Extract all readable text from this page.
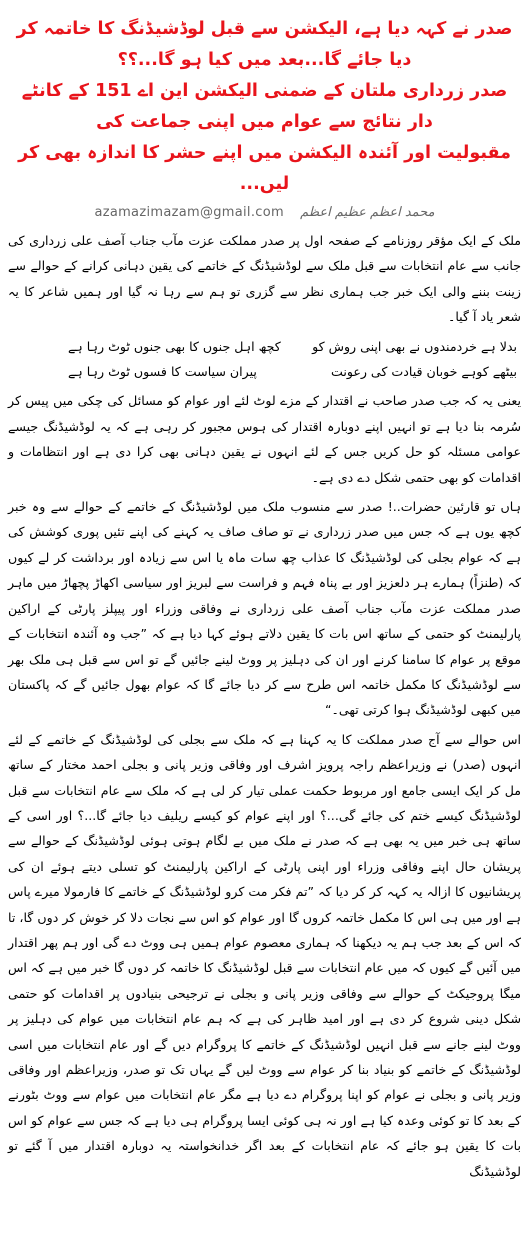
صدر نے کہہ دیا ہے، الیکشن سے قبل لوڈشیڈنگ کا خاتمہ کر دیا جائے گا...بعد میں کیا ہو گا...؟؟
صدر زرداری ملتان کے ضمنی الیکشن این اے 151 کے کانٹے دار نتائج سے عوام میں اپنی جماعت کی
مقبولیت اور آئندہ الیکشن میں اپنے حشر کا اندازہ بھی کر لیں...
azamazimazam@gmail.com محمد اعظم عظیم اعظم

ملک کے ایک مؤقر روزنامے کے صفحہ اول پر صدر مملکت عزت مآب جناب آصف علی زرداری کی جانب سے عام انتخابات سے قبل ملک سے لوڈشیڈنگ کے خاتمے کی یقین دہانی کرانے کے حوالے سے زینت بننے والی ایک خبر جب ہماری نظر سے گزری تو ہم سے رہا نہ گیا اور ہمیں شاعر کا یہ شعر یاد آ گیا۔

بدلا ہے خردمندوں نے بھی اپنی روش کو
کچھ اہل جنوں کا بھی جنوں ٹوٹ رہا ہے
بیٹھے کوہے خوبان قیادت کی رعونت
پیران سیاست کا فسوں ٹوٹ رہا ہے

یعنی یہ کہ جب صدر صاحب نے اقتدار کے مزے لوٹ لئے اور عوام کو مسائل کی چکی میں پیس کر سُرمہ بنا دیا ہے تو انہیں اپنے دوبارہ اقتدار کی ہوس مجبور کر رہی ہے کہ یہ لوڈشیڈنگ جیسے عوامی مسئلہ کو حل کریں جس کے لئے انہوں نے یقین دہانی بھی کرا دی ہے اور انتظامات و اقدامات کو بھی حتمی شکل دے دی ہے۔

ہاں تو قارئین حضرات..! صدر سے منسوب ملک میں لوڈشیڈنگ کے خاتمے کے حوالے سے وہ خبر کچھ یوں ہے کہ جس میں صدر زرداری نے تو صاف صاف یہ کہنے کی اپنے تئیں پوری کوشش کی ہے کہ عوام بجلی کی لوڈشیڈنگ کا عذاب چھ سات ماہ یا اس سے زیادہ اور برداشت کر لے کیوں کہ (طنزاً) ہمارے ہر دلعزیز اور بے پناہ فہم و فراست سے لبریز اور سیاسی اکھاڑ پچھاڑ میں ماہر صدر مملکت عزت مآب جناب آصف علی زرداری نے وفاقی وزراء اور پیپلز پارٹی کے اراکین پارلیمنٹ کو حتمی کے ساتھ اس بات کا یقین دلاتے ہوئے کہا دیا ہے کہ ”جب وہ آئندہ انتخابات کے موقع پر عوام کا سامنا کرنے اور ان کی دہلیز پر ووٹ لینے جائیں گے تو اس سے قبل ہی ملک بھر سے لوڈشیڈنگ کا مکمل خاتمہ اس طرح سے کر دیا جائے گا کہ عوام بھول جائیں گے کہ پاکستان میں کبھی لوڈشیڈنگ ہوا کرتی تھی۔“

اس حوالے سے آج صدر مملکت کا یہ کہنا ہے کہ ملک سے بجلی کی لوڈشیڈنگ کے خاتمے کے لئے انہوں (صدر) نے وزیراعظم راجہ پرویز اشرف اور وفاقی وزیر پانی و بجلی احمد مختار کے ساتھ مل کر ایک ایسی جامع اور مربوط حکمت عملی تیار کر لی ہے کہ ملک سے عام انتخابات سے قبل لوڈشیڈنگ کیسے ختم کی جائے گی...؟ اور اپنے عوام کو کیسے ریلیف دیا جائے گا...؟ اور اسی کے ساتھ ہی خبر میں یہ بھی ہے کہ صدر نے ملک میں بے لگام ہوتی ہوئی لوڈشیڈنگ کے حوالے سے پریشان حال اپنے وفاقی وزراء اور اپنی پارٹی کے اراکین پارلیمنٹ کو تسلی دیتے ہوئے ان کی پریشانیوں کا ازالہ یہ کہہ کر کر دیا کہ ”تم فکر مت کرو لوڈشیڈنگ کے خاتمے کا فارمولا میرے پاس ہے اور میں ہی اس کا مکمل خاتمہ کروں گا اور عوام کو اس سے نجات دلا کر خوش کر دوں گا، تا کہ اس کے بعد جب ہم یہ دیکھنا کہ ہماری معصوم عوام ہمیں ہی ووٹ دے گی اور ہم پھر اقتدار میں آئیں گے کیوں کہ میں عام انتخابات سے قبل لوڈشیڈنگ کا خاتمہ کر دوں گا خبر میں ہے کہ اس میگا پروجیکٹ کے حوالے سے وفاقی وزیر پانی و بجلی نے ترجیحی بنیادوں پر اقدامات کو حتمی شکل دینی شروع کر دی ہے اور امید ظاہر کی ہے کہ ہم عام انتخابات میں عوام کی دہلیز پر ووٹ لینے جانے سے قبل انہیں لوڈشیڈنگ کے خاتمے کا پروگرام دیں گے اور عام انتخابات میں اسی لوڈشیڈنگ کے خاتمے کو بنیاد بنا کر عوام سے ووٹ لیں گے یہاں تک تو صدر، وزیراعظم اور وفاقی وزیر پانی و بجلی نے عوام کو اپنا پروگرام دے دیا ہے مگر عام انتخابات میں عوام سے ووٹ بٹورنے کے بعد کا تو کوئی وعدہ کیا ہے اور نہ ہی کوئی ایسا پروگرام ہی دیا ہے کہ جس سے عوام کو اس بات کا یقین ہو جائے کہ عام انتخابات کے بعد اگر خدانخواستہ یہ دوبارہ اقتدار میں آ گئے تو لوڈشیڈنگ
